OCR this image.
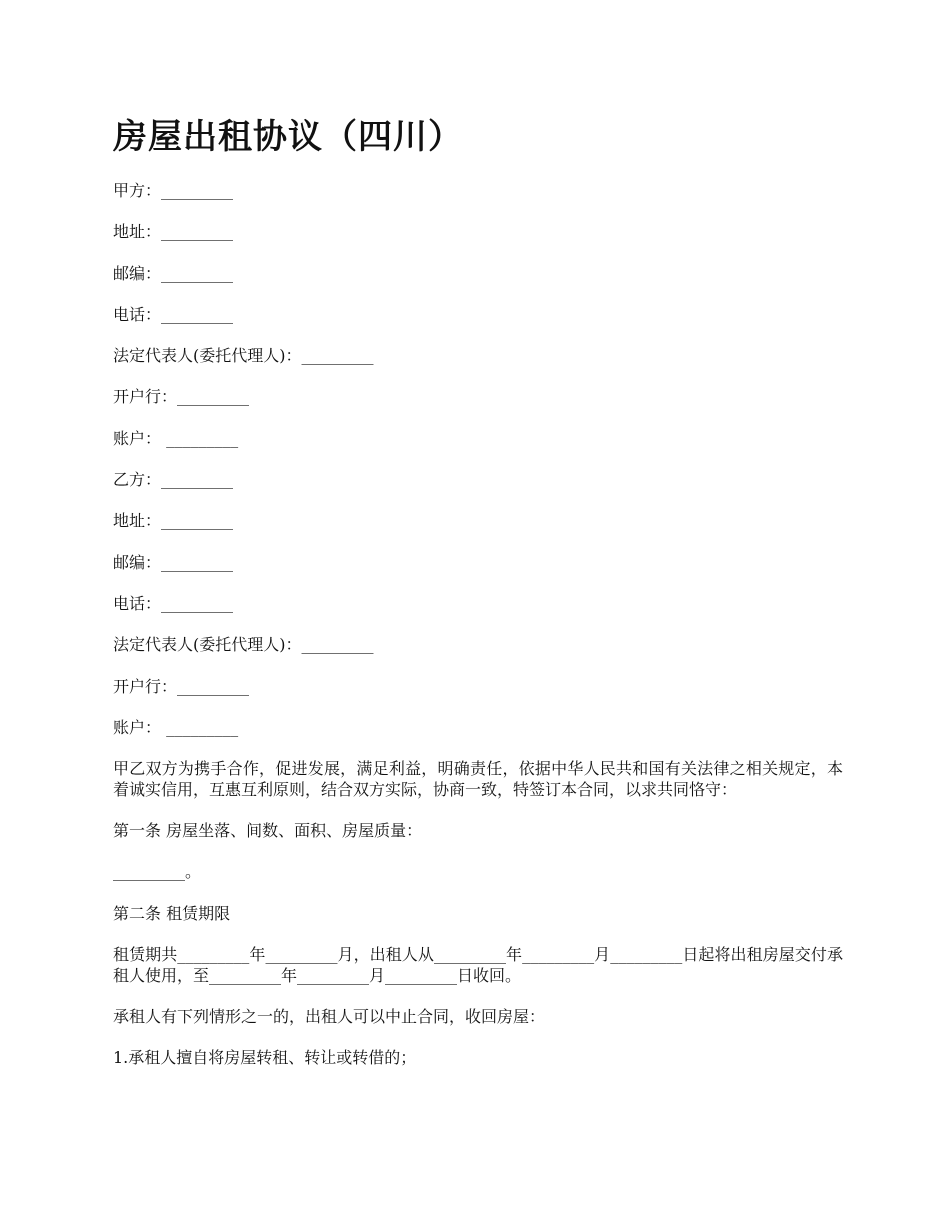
房屋出租协议（四川）
甲方：_________
地址：_________
邮编：_________
电话：_________
法定代表人(委托代理人)：_________
开户行：_________
账户： _________
乙方：_________
地址：_________
邮编：_________
电话：_________
法定代表人(委托代理人)：_________
开户行：_________
账户： _________

甲乙双方为携手合作，促进发展，满足利益，明确责任，依据中华人民共和国有关法律之相关规定，本着诚实信用，互惠互利原则，结合双方实际，协商一致，特签订本合同，以求共同恪守：

第一条 房屋坐落、间数、面积、房屋质量：
_________。
第二条 租赁期限

租赁期共_________年_________月，出租人从_________年_________月_________日起将出租房屋交付承租人使用，至_________年_________月_________日收回。

承租人有下列情形之一的，出租人可以中止合同，收回房屋：
1.承租人擅自将房屋转租、转让或转借的；
